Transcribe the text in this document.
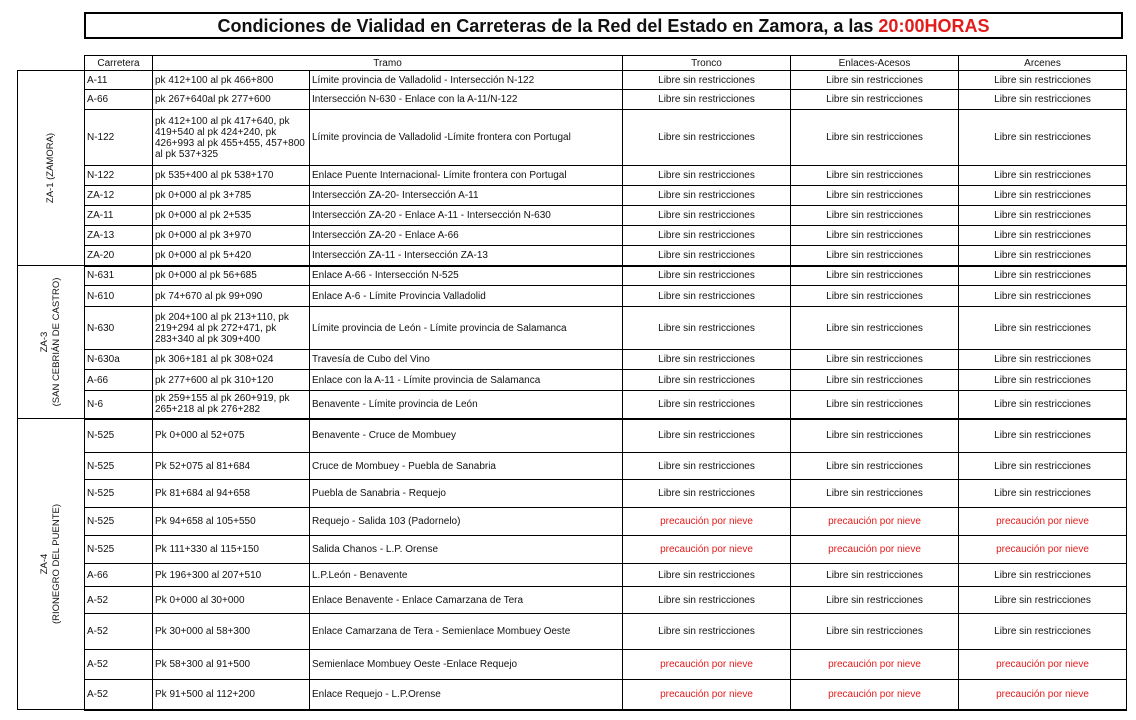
Condiciones de Vialidad en Carreteras de la Red del Estado en Zamora, a las 20:00HORAS
	Carretera	Tramo		Tronco	Enlaces-Acesos	Arcenes

ZA-1 (ZAMORA)	A-11	pk 412+100 al pk 466+800	Límite provincia de Valladolid - Intersección N-122	Libre sin restricciones	Libre sin restricciones	Libre sin restricciones
	A-66	pk 267+640al pk 277+600	Intersección N-630 - Enlace con la A-11/N-122	Libre sin restricciones	Libre sin restricciones	Libre sin restricciones
	N-122	pk 412+100 al pk 417+640, pk 419+540 al pk 424+240, pk 426+993 al pk 455+455, 457+800 al pk 537+325	Límite provincia de Valladolid -Límite frontera con Portugal	Libre sin restricciones	Libre sin restricciones	Libre sin restricciones
	N-122	pk 535+400 al pk 538+170	Enlace Puente Internacional- Límite frontera con Portugal	Libre sin restricciones	Libre sin restricciones	Libre sin restricciones
	ZA-12	pk 0+000 al pk 3+785	Intersección ZA-20- Intersección A-11	Libre sin restricciones	Libre sin restricciones	Libre sin restricciones
	ZA-11	pk 0+000 al pk 2+535	Intersección ZA-20 - Enlace A-11 - Intersección N-630	Libre sin restricciones	Libre sin restricciones	Libre sin restricciones
	ZA-13	pk 0+000 al pk 3+970	Intersección ZA-20 - Enlace A-66	Libre sin restricciones	Libre sin restricciones	Libre sin restricciones
	ZA-20	pk 0+000 al pk 5+420	Intersección ZA-11 - Intersección ZA-13	Libre sin restricciones	Libre sin restricciones	Libre sin restricciones

ZA-3 (SAN CEBRIÁN DE CASTRO)	N-631	pk 0+000 al pk 56+685	Enlace A-66 - Intersección N-525	Libre sin restricciones	Libre sin restricciones	Libre sin restricciones
	N-610	pk 74+670 al pk 99+090	Enlace A-6 - Límite Provincia Valladolid	Libre sin restricciones	Libre sin restricciones	Libre sin restricciones
	N-630	pk 204+100 al pk 213+110, pk 219+294 al pk 272+471, pk 283+340 al pk 309+400	Límite provincia de León - Límite provincia de Salamanca	Libre sin restricciones	Libre sin restricciones	Libre sin restricciones
	N-630a	pk 306+181 al pk 308+024	Travesía de Cubo del Vino	Libre sin restricciones	Libre sin restricciones	Libre sin restricciones
	A-66	pk 277+600 al pk 310+120	Enlace con la A-11 - Límite provincia de Salamanca	Libre sin restricciones	Libre sin restricciones	Libre sin restricciones
	N-6	pk 259+155 al pk 260+919, pk 265+218 al pk 276+282	Benavente - Límite provincia de León	Libre sin restricciones	Libre sin restricciones	Libre sin restricciones

ZA-4 (RIONEGRO DEL PUENTE)	N-525	Pk 0+000 al 52+075	Benavente - Cruce de Mombuey	Libre sin restricciones	Libre sin restricciones	Libre sin restricciones
	N-525	Pk 52+075 al 81+684	Cruce de Mombuey - Puebla de Sanabria	Libre sin restricciones	Libre sin restricciones	Libre sin restricciones
	N-525	Pk 81+684 al 94+658	Puebla de Sanabria - Requejo	Libre sin restricciones	Libre sin restricciones	Libre sin restricciones
	N-525	Pk 94+658 al 105+550	Requejo - Salida 103 (Padornelo)	precaución por nieve	precaución por nieve	precaución por nieve
	N-525	Pk 111+330 al 115+150	Salida Chanos - L.P. Orense	precaución por nieve	precaución por nieve	precaución por nieve
	A-66	Pk 196+300 al 207+510	L.P.León - Benavente	Libre sin restricciones	Libre sin restricciones	Libre sin restricciones
	A-52	Pk 0+000 al 30+000	Enlace Benavente - Enlace Camarzana de Tera	Libre sin restricciones	Libre sin restricciones	Libre sin restricciones
	A-52	Pk 30+000 al 58+300	Enlace Camarzana de Tera - Semienlace Mombuey Oeste	Libre sin restricciones	Libre sin restricciones	Libre sin restricciones
	A-52	Pk 58+300 al 91+500	Semienlace Mombuey Oeste -Enlace Requejo	precaución por nieve	precaución por nieve	precaución por nieve
	A-52	Pk 91+500 al 112+200	Enlace Requejo - L.P.Orense	precaución por nieve	precaución por nieve	precaución por nieve
